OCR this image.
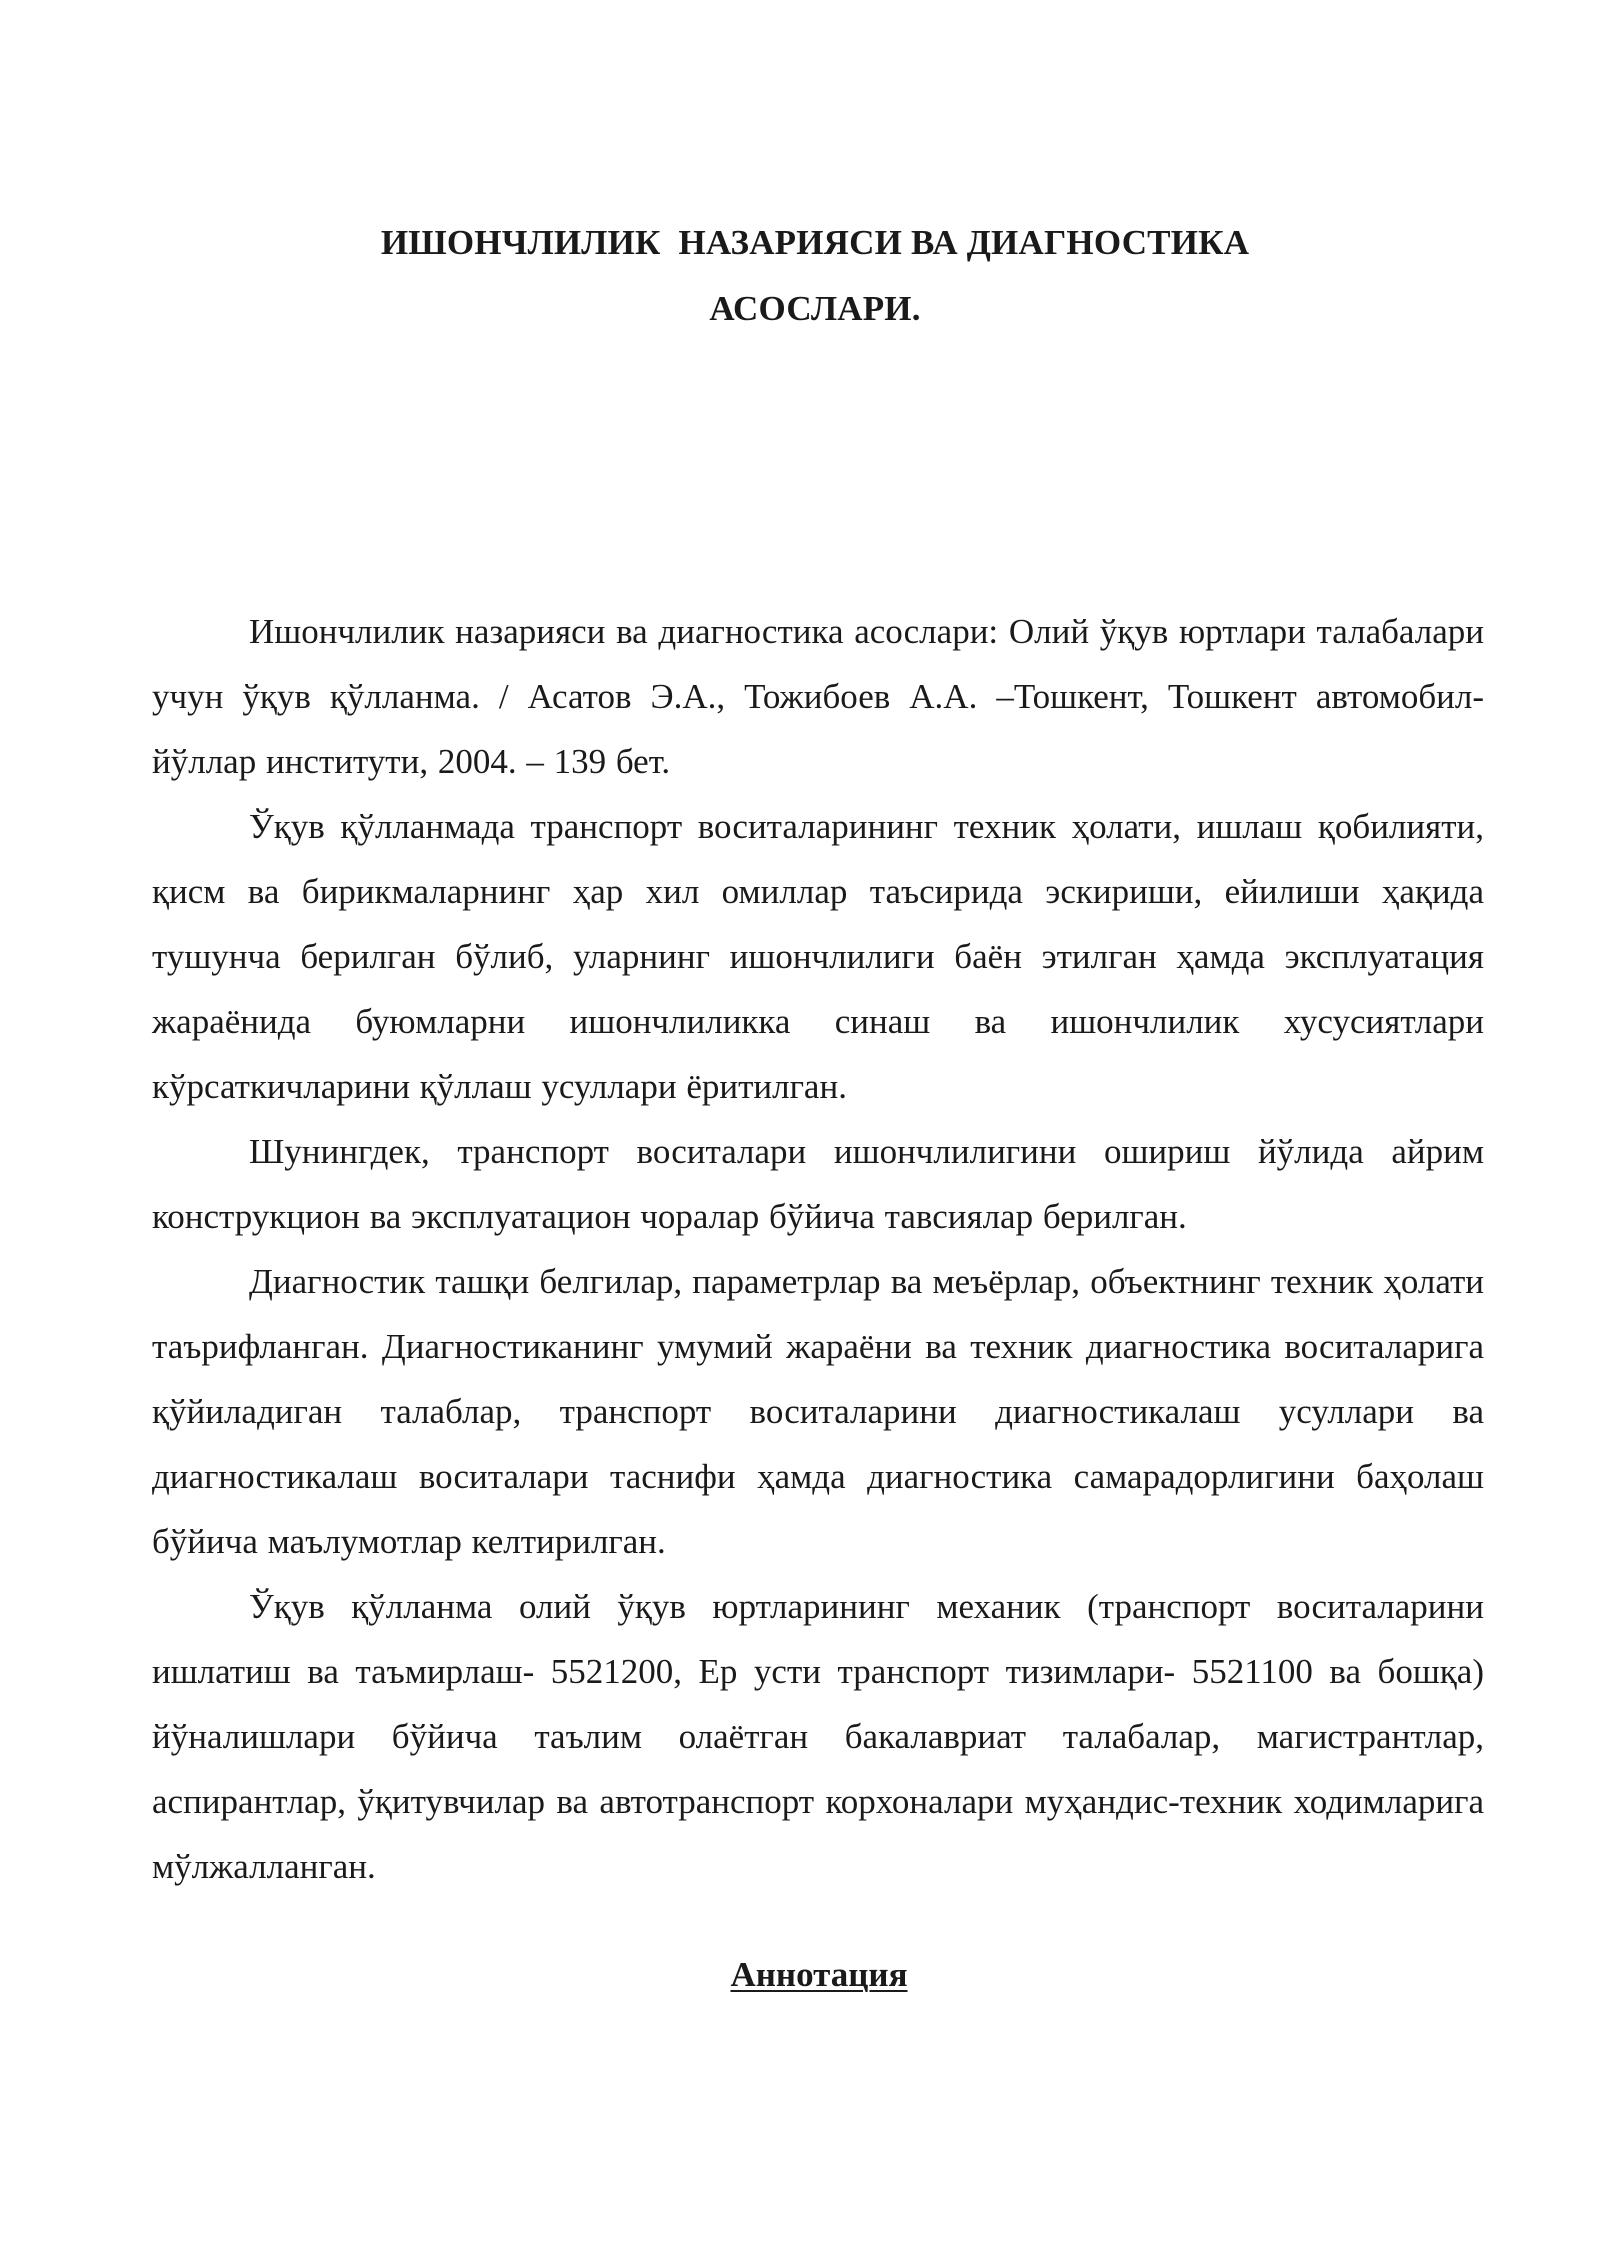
ИШОНЧЛИЛИК  НАЗАРИЯСИ ВА ДИАГНОСТИКА
АСОСЛАРИ.

Ишончлилик назарияси ва диагностика асослари: Олий ўқув юртлари талабалари учун ўқув қўлланма. / Асатов Э.А., Тожибоев А.А. –Тошкент, Тошкент автомобил-йўллар институти, 2004. – 139 бет.

Ўқув қўлланмада транспорт воситаларининг техник ҳолати, ишлаш қобилияти, қисм ва бирикмаларнинг ҳар хил омиллар таъсирида эскириши, ейилиши ҳақида тушунча берилган бўлиб, уларнинг ишончлилиги баён этилган ҳамда эксплуатация жараёнида буюмларни ишончлиликка синаш ва ишончлилик хусусиятлари кўрсаткичларини қўллаш усуллари ёритилган.

Шунингдек, транспорт воситалари ишончлилигини ошириш йўлида айрим конструкцион ва эксплуатацион чоралар бўйича тавсиялар берилган.

Диагностик ташқи белгилар, параметрлар ва меъёрлар, объектнинг техник ҳолати таърифланган. Диагностиканинг умумий жараёни ва техник диагностика воситаларига қўйиладиган талаблар, транспорт воситаларини диагностикалаш усуллари ва диагностикалаш воситалари таснифи ҳамда диагностика самарадорлигини баҳолаш бўйича маълумотлар келтирилган.

Ўқув қўлланма олий ўқув юртларининг механик (транспорт воситаларини ишлатиш ва таъмирлаш- 5521200, Ер усти транспорт тизимлари- 5521100 ва бошқа) йўналишлари бўйича таълим олаётган бакалавриат талабалар, магистрантлар, аспирантлар, ўқитувчилар ва автотранспорт корхоналари муҳандис-техник ходимларига мўлжалланган.

Аннотация
